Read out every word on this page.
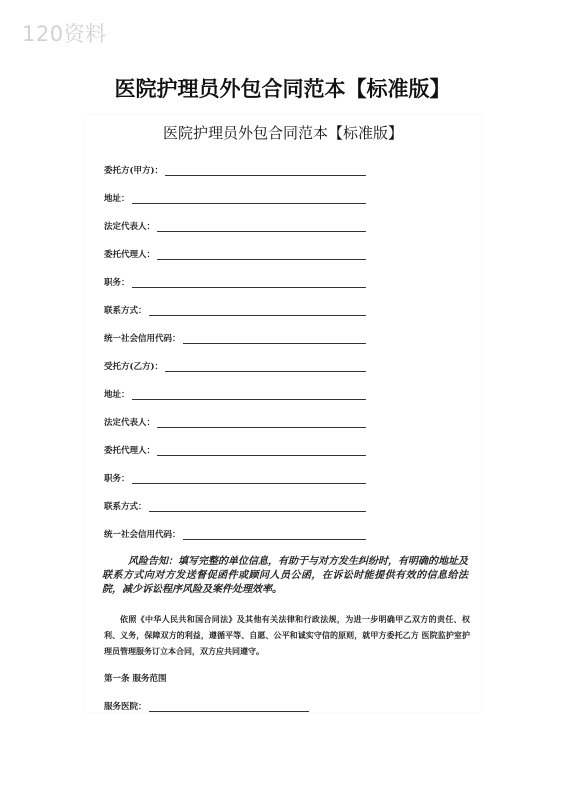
120资料
医院护理员外包合同范本【标准版】
医院护理员外包合同范本【标准版】
委托方(甲方)：
地址：
法定代表人：
委托代理人：
职务：
联系方式：
统一社会信用代码：
受托方(乙方)：
地址：
法定代表人：
委托代理人：
职务：
联系方式：
统一社会信用代码：

风险告知：填写完整的单位信息，有助于与对方发生纠纷时，有明确的地址及联系方式向对方发送督促函件或顾问人员公函，在诉讼时能提供有效的信息给法院，减少诉讼程序风险及案件处理效率。

依照《中华人民共和国合同法》及其他有关法律和行政法规，为进一步明确甲乙双方的责任、权利、义务，保障双方的利益，遵循平等、自愿、公平和诚实守信的原则，就甲方委托乙方 医院监护室护理员管理服务订立本合同，双方应共同遵守。

第一条 服务范围
服务医院：
